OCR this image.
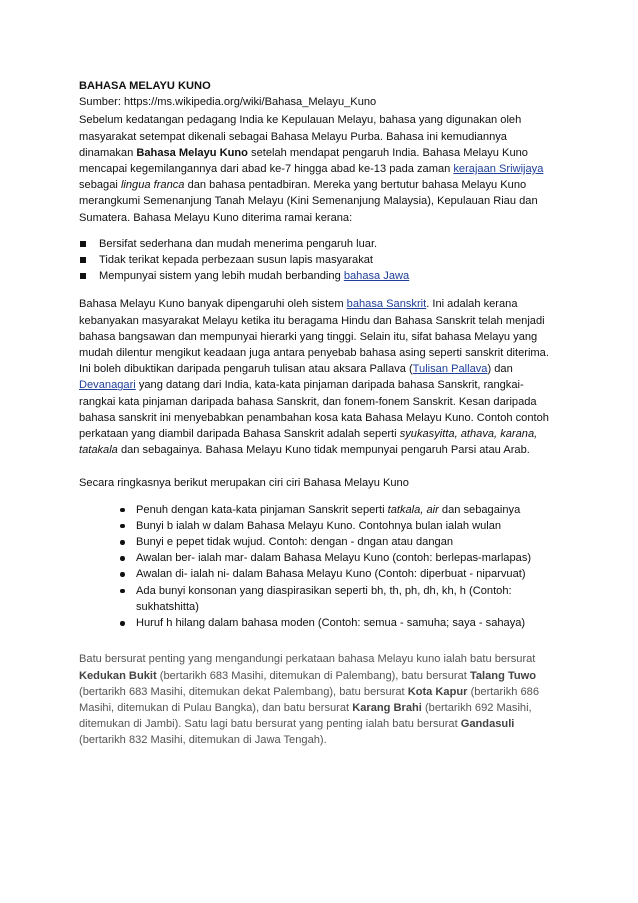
BAHASA MELAYU KUNO

Sumber: https://ms.wikipedia.org/wiki/Bahasa_Melayu_Kuno

Sebelum kedatangan pedagang India ke Kepulauan Melayu, bahasa yang digunakan oleh masyarakat setempat dikenali sebagai Bahasa Melayu Purba. Bahasa ini kemudiannya dinamakan Bahasa Melayu Kuno setelah mendapat pengaruh India. Bahasa Melayu Kuno mencapai kegemilangannya dari abad ke-7 hingga abad ke-13 pada zaman kerajaan Sriwijaya sebagai lingua franca dan bahasa pentadbiran. Mereka yang bertutur bahasa Melayu Kuno merangkumi Semenanjung Tanah Melayu (Kini Semenanjung Malaysia), Kepulauan Riau dan Sumatera. Bahasa Melayu Kuno diterima ramai kerana:

Bersifat sederhana dan mudah menerima pengaruh luar.
Tidak terikat kepada perbezaan susun lapis masyarakat
Mempunyai sistem yang lebih mudah berbanding bahasa Jawa

Bahasa Melayu Kuno banyak dipengaruhi oleh sistem bahasa Sanskrit. Ini adalah kerana kebanyakan masyarakat Melayu ketika itu beragama Hindu dan Bahasa Sanskrit telah menjadi bahasa bangsawan dan mempunyai hierarki yang tinggi. Selain itu, sifat bahasa Melayu yang mudah dilentur mengikut keadaan juga antara penyebab bahasa asing seperti sanskrit diterima. Ini boleh dibuktikan daripada pengaruh tulisan atau aksara Pallava (Tulisan Pallava) dan Devanagari yang datang dari India, kata-kata pinjaman daripada bahasa Sanskrit, rangkai-rangkai kata pinjaman daripada bahasa Sanskrit, dan fonem-fonem Sanskrit. Kesan daripada bahasa sanskrit ini menyebabkan penambahan kosa kata Bahasa Melayu Kuno. Contoh contoh perkataan yang diambil daripada Bahasa Sanskrit adalah seperti syukasyitta, athava, karana, tatakala dan sebagainya. Bahasa Melayu Kuno tidak mempunyai pengaruh Parsi atau Arab.

Secara ringkasnya berikut merupakan ciri ciri Bahasa Melayu Kuno

Penuh dengan kata-kata pinjaman Sanskrit seperti tatkala, air dan sebagainya
Bunyi b ialah w dalam Bahasa Melayu Kuno. Contohnya bulan ialah wulan
Bunyi e pepet tidak wujud. Contoh: dengan - dngan atau dangan
Awalan ber- ialah mar- dalam Bahasa Melayu Kuno (contoh: berlepas-marlapas)
Awalan di- ialah ni- dalam Bahasa Melayu Kuno (Contoh: diperbuat - niparvuat)
Ada bunyi konsonan yang diaspirasikan seperti bh, th, ph, dh, kh, h (Contoh: sukhatshitta)
Huruf h hilang dalam bahasa moden (Contoh: semua - samuha; saya - sahaya)

Batu bersurat penting yang mengandungi perkataan bahasa Melayu kuno ialah batu bersurat Kedukan Bukit (bertarikh 683 Masihi, ditemukan di Palembang), batu bersurat Talang Tuwo (bertarikh 683 Masihi, ditemukan dekat Palembang), batu bersurat Kota Kapur (bertarikh 686 Masihi, ditemukan di Pulau Bangka), dan batu bersurat Karang Brahi (bertarikh 692 Masihi, ditemukan di Jambi). Satu lagi batu bersurat yang penting ialah batu bersurat Gandasuli (bertarikh 832 Masihi, ditemukan di Jawa Tengah).
